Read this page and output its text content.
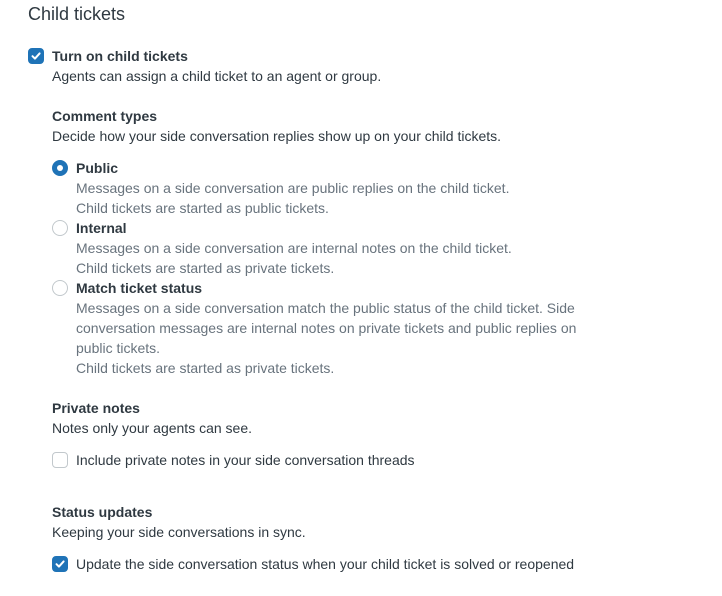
Child tickets
Turn on child tickets
Agents can assign a child ticket to an agent or group.
Comment types
Decide how your side conversation replies show up on your child tickets.
Public
Messages on a side conversation are public replies on the child ticket.
Child tickets are started as public tickets.
Internal
Messages on a side conversation are internal notes on the child ticket.
Child tickets are started as private tickets.
Match ticket status
Messages on a side conversation match the public status of the child ticket. Side
conversation messages are internal notes on private tickets and public replies on
public tickets.
Child tickets are started as private tickets.
Private notes
Notes only your agents can see.
Include private notes in your side conversation threads
Status updates
Keeping your side conversations in sync.
Update the side conversation status when your child ticket is solved or reopened
